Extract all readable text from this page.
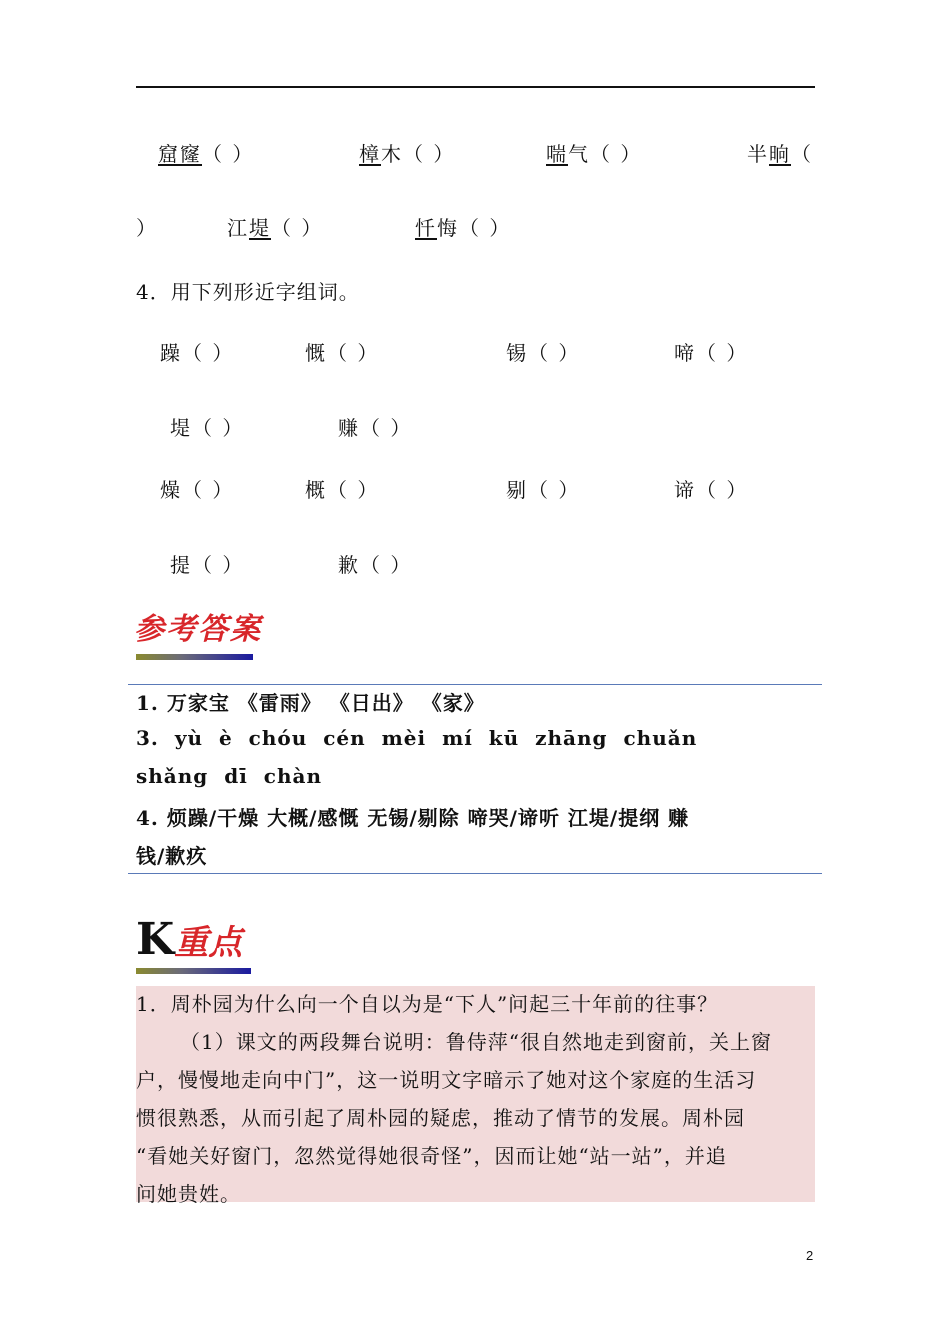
窟窿（ ）	樟木（ ）	喘气（ ）	半晌（
）	江堤（ ）	忏悔（ ）
4．用下列形近字组词。
躁（ ）	慨（ ）	锡（ ）	啼（ ）
堤（ ）	赚（ ）
燥（ ）	概（ ）	剔（ ）	谛（ ）
提（ ）	歉（ ）
参考答案
1. 万家宝 《雷雨》 《日出》 《家》
3. yù è chóu cén mèi mí kū zhāng chuǎn
shǎng dī chàn
4. 烦躁/干燥 大概/感慨 无锡/剔除 啼哭/谛听 江堤/提纲 赚
钱/歉疚
K重点
1．周朴园为什么向一个自以为是“下人”问起三十年前的往事？
（1）课文的两段舞台说明：鲁侍萍“很自然地走到窗前，关上窗
户，慢慢地走向中门”，这一说明文字暗示了她对这个家庭的生活习
惯很熟悉，从而引起了周朴园的疑虑，推动了情节的发展。周朴园
“看她关好窗门，忽然觉得她很奇怪”，因而让她“站一站”，并追
问她贵姓。
2
